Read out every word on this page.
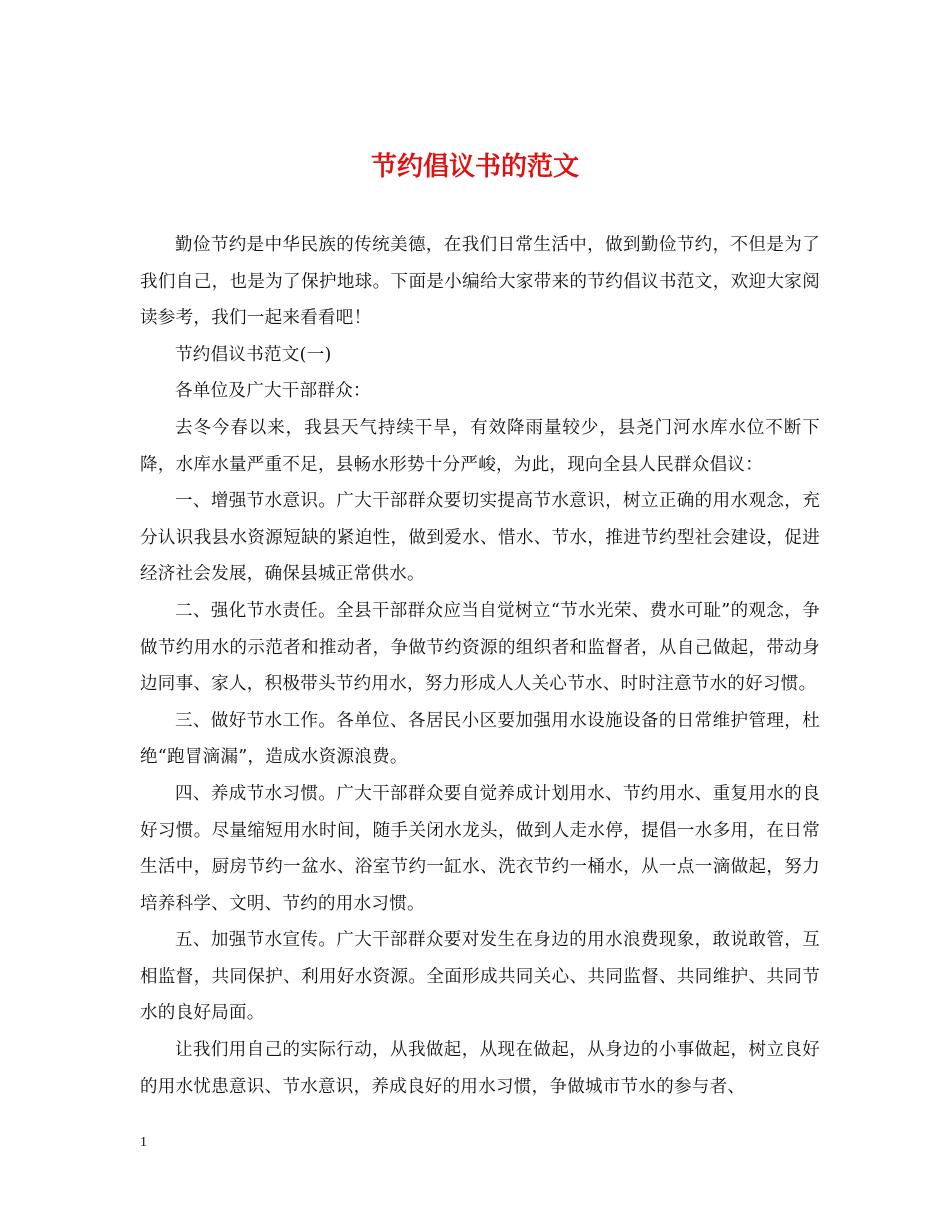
节约倡议书的范文

勤俭节约是中华民族的传统美德，在我们日常生活中，做到勤俭节约，不但是为了我们自己，也是为了保护地球。下面是小编给大家带来的节约倡议书范文，欢迎大家阅读参考，我们一起来看看吧！

节约倡议书范文(一)

各单位及广大干部群众：

去冬今春以来，我县天气持续干旱，有效降雨量较少，县尧门河水库水位不断下降，水库水量严重不足，县畅水形势十分严峻，为此，现向全县人民群众倡议：

一、增强节水意识。广大干部群众要切实提高节水意识，树立正确的用水观念，充分认识我县水资源短缺的紧迫性，做到爱水、惜水、节水，推进节约型社会建设，促进经济社会发展，确保县城正常供水。

二、强化节水责任。全县干部群众应当自觉树立“节水光荣、费水可耻”的观念，争做节约用水的示范者和推动者，争做节约资源的组织者和监督者，从自己做起，带动身边同事、家人，积极带头节约用水，努力形成人人关心节水、时时注意节水的好习惯。

三、做好节水工作。各单位、各居民小区要加强用水设施设备的日常维护管理，杜绝“跑冒滴漏”，造成水资源浪费。

四、养成节水习惯。广大干部群众要自觉养成计划用水、节约用水、重复用水的良好习惯。尽量缩短用水时间，随手关闭水龙头，做到人走水停，提倡一水多用，在日常生活中，厨房节约一盆水、浴室节约一缸水、洗衣节约一桶水，从一点一滴做起，努力培养科学、文明、节约的用水习惯。

五、加强节水宣传。广大干部群众要对发生在身边的用水浪费现象，敢说敢管，互相监督，共同保护、利用好水资源。全面形成共同关心、共同监督、共同维护、共同节水的良好局面。

让我们用自己的实际行动，从我做起，从现在做起，从身边的小事做起，树立良好的用水忧患意识、节水意识，养成良好的用水习惯，争做城市节水的参与者、

1
